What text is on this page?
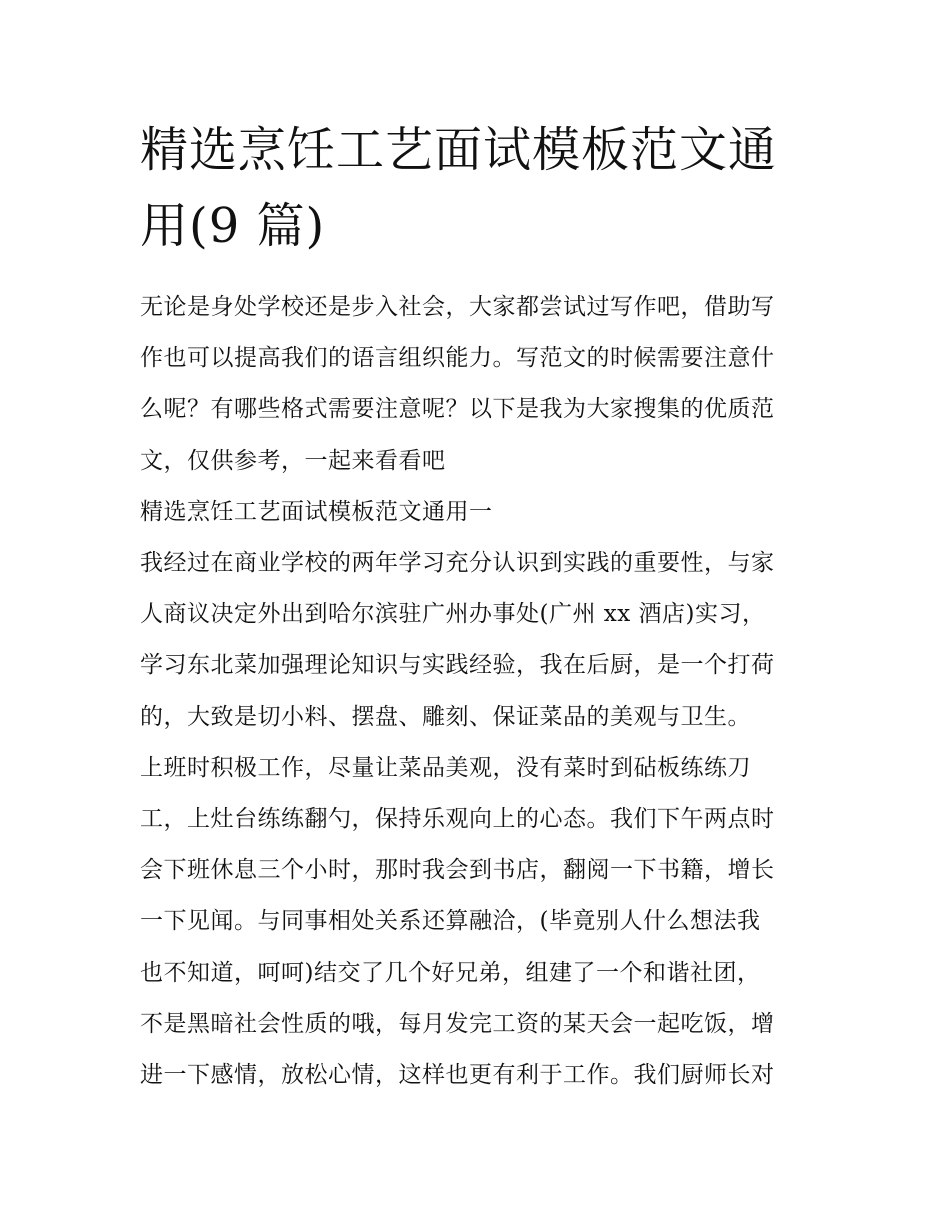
精选烹饪工艺面试模板范文通
用(9 篇)
无论是身处学校还是步入社会，大家都尝试过写作吧，借助写
作也可以提高我们的语言组织能力。写范文的时候需要注意什
么呢？有哪些格式需要注意呢？以下是我为大家搜集的优质范
文，仅供参考，一起来看看吧
精选烹饪工艺面试模板范文通用一
我经过在商业学校的两年学习充分认识到实践的重要性，与家
人商议决定外出到哈尔滨驻广州办事处(广州 xx 酒店)实习，
学习东北菜加强理论知识与实践经验，我在后厨，是一个打荷
的，大致是切小料、摆盘、雕刻、保证菜品的美观与卫生。
上班时积极工作，尽量让菜品美观，没有菜时到砧板练练刀
工，上灶台练练翻勺，保持乐观向上的心态。我们下午两点时
会下班休息三个小时，那时我会到书店，翻阅一下书籍，增长
一下见闻。与同事相处关系还算融洽，(毕竟别人什么想法我
也不知道，呵呵)结交了几个好兄弟，组建了一个和谐社团，
不是黑暗社会性质的哦，每月发完工资的某天会一起吃饭，增
进一下感情，放松心情，这样也更有利于工作。我们厨师长对
